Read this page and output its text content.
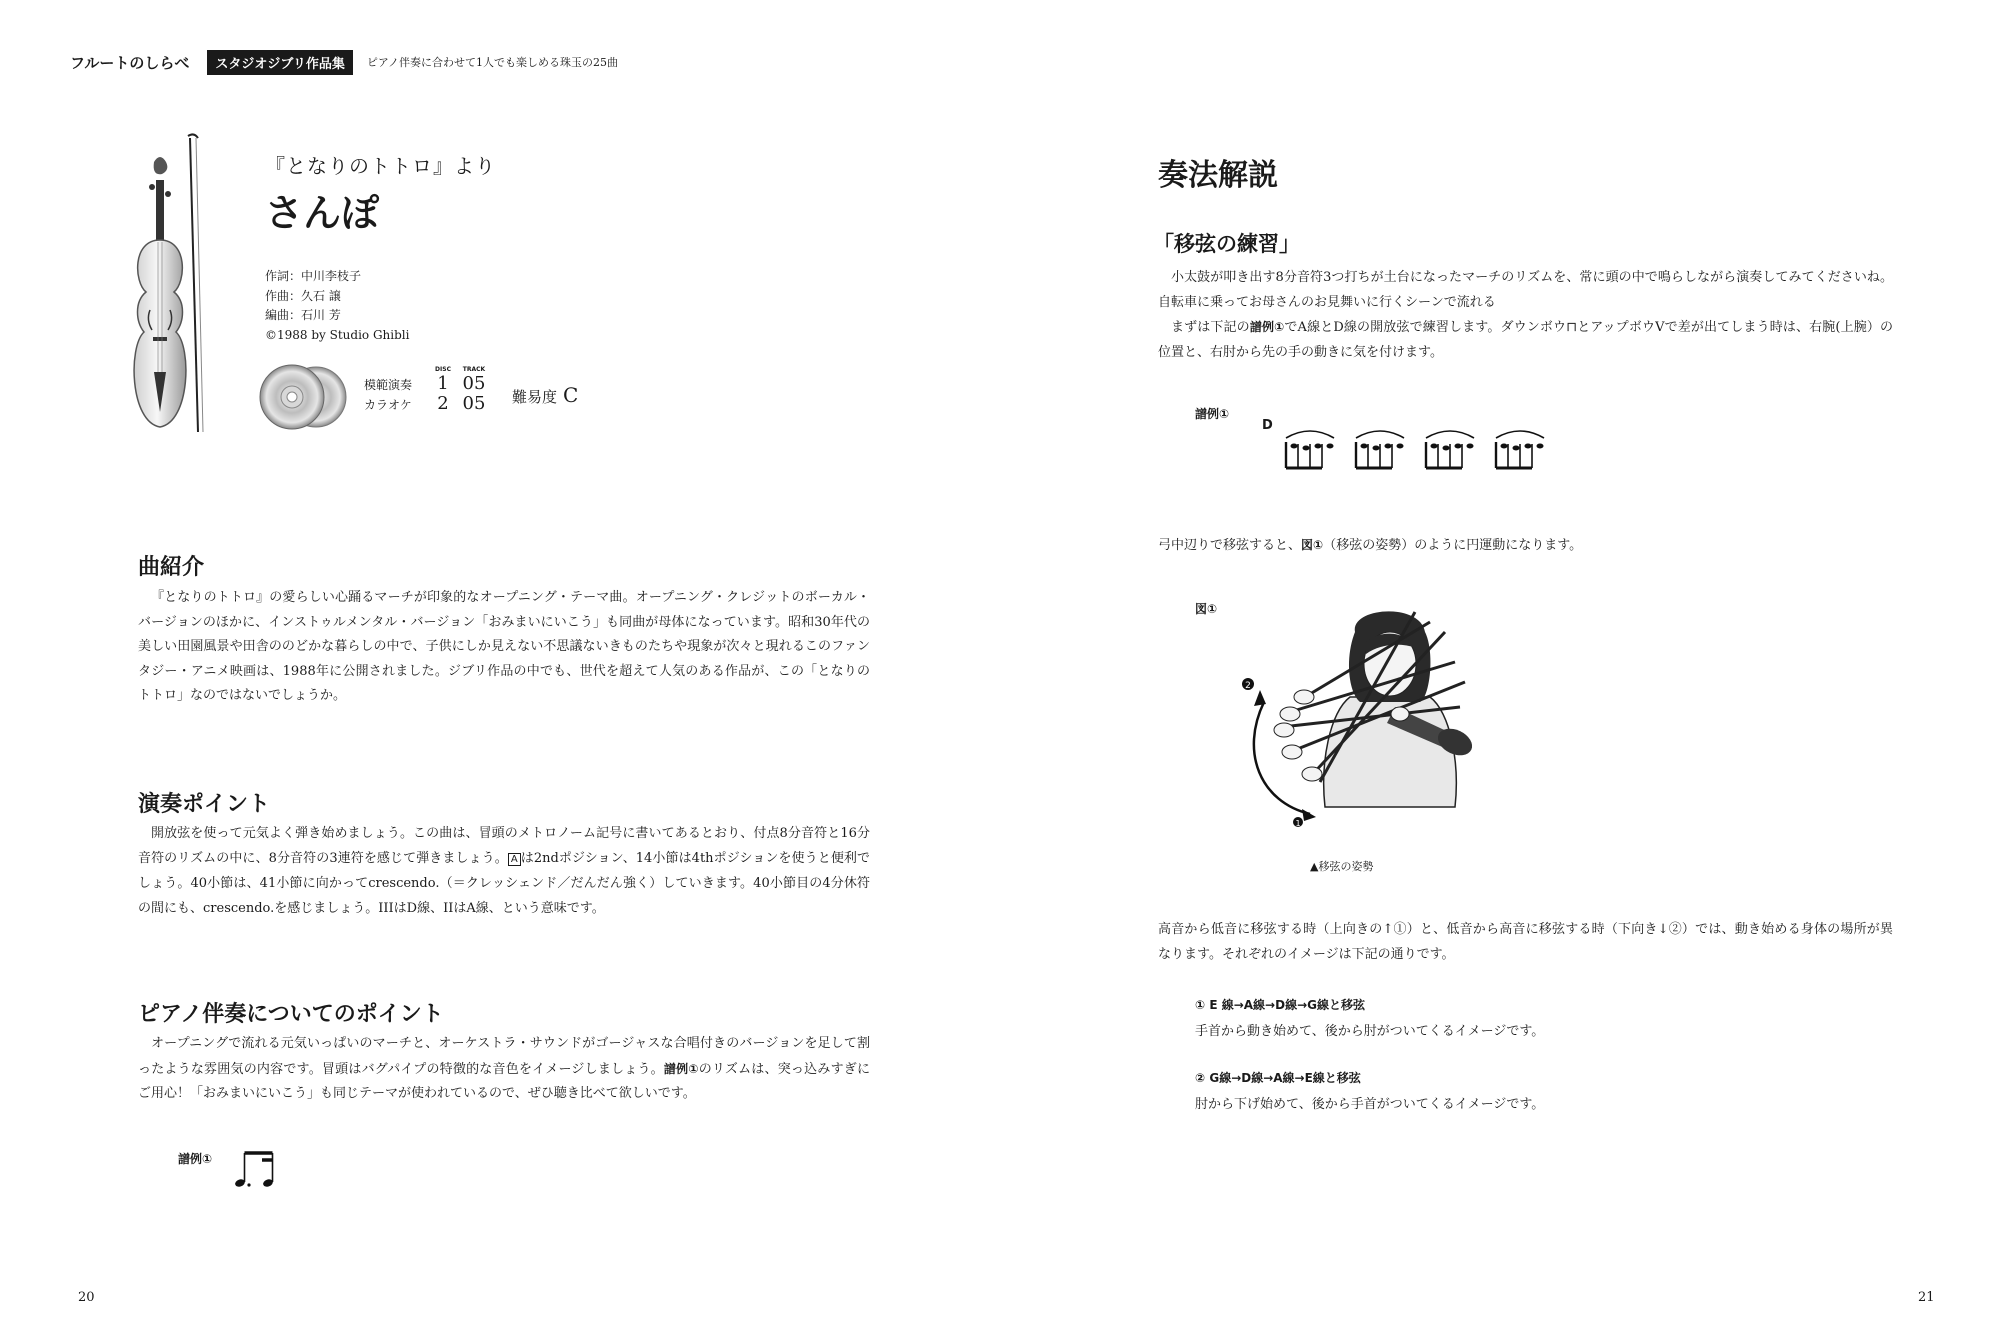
フルートのしらべ	スタジオジブリ作品集	ピアノ伴奏に合わせて1人でも楽しめる珠玉の25曲
『となりのトトロ』より
さんぽ
作詞：中川李枝子
作曲：久石 譲
編曲：石川 芳
©1988 by Studio Ghibli
DISC	TRACK
模範演奏	1 05
カラオケ	2 05	難易度 C
曲紹介
『となりのトトロ』の愛らしい心踊るマーチが印象的なオープニング・テーマ曲。オープニング・クレジットのボーカル・バージョンのほかに、インストゥルメンタル・バージョン「おみまいにいこう」も同曲が母体になっています。昭和30年代の美しい田園風景や田舎ののどかな暮らしの中で、子供にしか見えない不思議ないきものたちや現象が次々と現れるこのファンタジー・アニメ映画は、1988年に公開されました。ジブリ作品の中でも、世代を超えて人気のある作品が、この「となりのトトロ」なのではないでしょうか。
演奏ポイント
開放弦を使って元気よく弾き始めましょう。この曲は、冒頭のメトロノーム記号に書いてあるとおり、付点8分音符と16分音符のリズムの中に、8分音符の3連符を感じて弾きましょう。 A は2ndポジション、14小節は4thポジションを使うと便利でしょう。40小節は、41小節に向かってcrescendo.（＝クレッシェンド／だんだん強く）していきます。40小節目の4分休符の間にも、crescendo.を感じましょう。IIIはD線、IIはA線、という意味です。
ピアノ伴奏についてのポイント
オープニングで流れる元気いっぱいのマーチと、オーケストラ・サウンドがゴージャスな合唱付きのバージョンを足して割ったような雰囲気の内容です。冒頭はバグパイプの特徴的な音色をイメージしましょう。譜例①のリズムは、突っ込みすぎにご用心！「おみまいにいこう」も同じテーマが使われているので、ぜひ聴き比べて欲しいです。
譜例①
20
奏法解説
「移弦の練習」

小太鼓が叩き出す8分音符3つ打ちが土台になったマーチのリズムを、常に頭の中で鳴らしながら演奏してみてくださいね。自転車に乗ってお母さんのお見舞いに行くシーンで流れる

まずは下記の譜例①でA線とD線の開放弦で練習します。ダウンボウ⊓とアップボウVで差が出てしまう時は、右腕(上腕）の位置と、右肘から先の手の動きに気を付けます。

譜例①
D
弓中辺りで移弦すると、図①（移弦の姿勢）のように円運動になります。
図①
2
1
▲移弦の姿勢
高音から低音に移弦する時（上向きの↑①）と、低音から高音に移弦する時（下向き↓②）では、動き始める身体の場所が異なります。それぞれのイメージは下記の通りです。
① E 線→A線→D線→G線と移弦
手首から動き始めて、後から肘がついてくるイメージです。
② G線→D線→A線→E線と移弦
肘から下げ始めて、後から手首がついてくるイメージです。
21
